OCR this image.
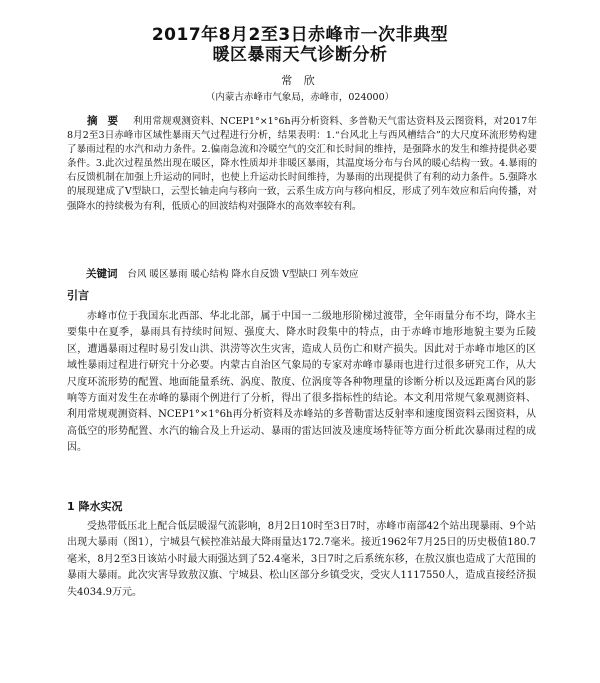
2017年8月2至3日赤峰市一次非典型
暖区暴雨天气诊断分析
常 欣
（内蒙古赤峰市气象局，赤峰市，024000）
摘 要 利用常规观测资料、NCEP1°×1°6h再分析资料、多普勒天气雷达资料及云图资料，对2017年8月2至3日赤峰市区域性暴雨天气过程进行分析，结果表明：1.“台风北上与西风槽结合”的大尺度环流形势构建了暴雨过程的水汽和动力条件。2.偏南急流和冷暖空气的交汇和长时间的维持，是强降水的发生和维持提供必要条件。3.此次过程虽然出现在暖区，降水性质却并非暖区暴雨，其温度场分布与台风的暖心结构一致。4.暴雨的右反馈机制在加强上升运动的同时，也使上升运动长时间维持，为暴雨的出现提供了有利的动力条件。5.强降水的展现建成了V型缺口，云型长轴走向与移向一致，云系生成方向与移向相反，形成了列车效应和后向传播，对强降水的持续极为有利，低质心的回波结构对强降水的高效率较有利。
关键词 台风 暖区暴雨 暖心结构 降水自反馈 V型缺口 列车效应
引言
赤峰市位于我国东北西部、华北北部，属于中国一二级地形阶梯过渡带，全年雨量分布不均，降水主要集中在夏季，暴雨具有持续时间短、强度大、降水时段集中的特点，由于赤峰市地形地貌主要为丘陵区，遭遇暴雨过程时易引发山洪、洪涝等次生灾害，造成人员伤亡和财产损失。因此对于赤峰市地区的区域性暴雨过程进行研究十分必要。内蒙古自治区气象局的专家对赤峰市暴雨也进行过很多研究工作，从大尺度环流形势的配置、地面能量系统、涡度、散度、位涡度等各种物理量的诊断分析以及远距离台风的影响等方面对发生在赤峰的暴雨个例进行了分析，得出了很多指标性的结论。本文利用常规气象观测资料、利用常规观测资料、NCEP1°×1°6h再分析资料及赤峰站的多普勒雷达反射率和速度图资料云图资料，从高低空的形势配置、水汽的输合及上升运动、暴雨的雷达回波及速度场特征等方面分析此次暴雨过程的成因。
1 降水实况
受热带低压北上配合低层暖湿气流影响，8月2日10时至3日7时，赤峰市南部42个站出现暴雨、9个站出现大暴雨（图1），宁城县气候控准站最大降雨量达172.7毫米。接近1962年7月25日的历史极值180.7毫米，8月2至3日该站小时最大雨强达到了52.4毫米，3日7时之后系统东移，在敖汉旗也造成了大范围的暴雨大暴雨。此次灾害导致敖汉旗、宁城县、松山区部分乡镇受灾，受灾人1117550人，造成直接经济损失4034.9万元。
